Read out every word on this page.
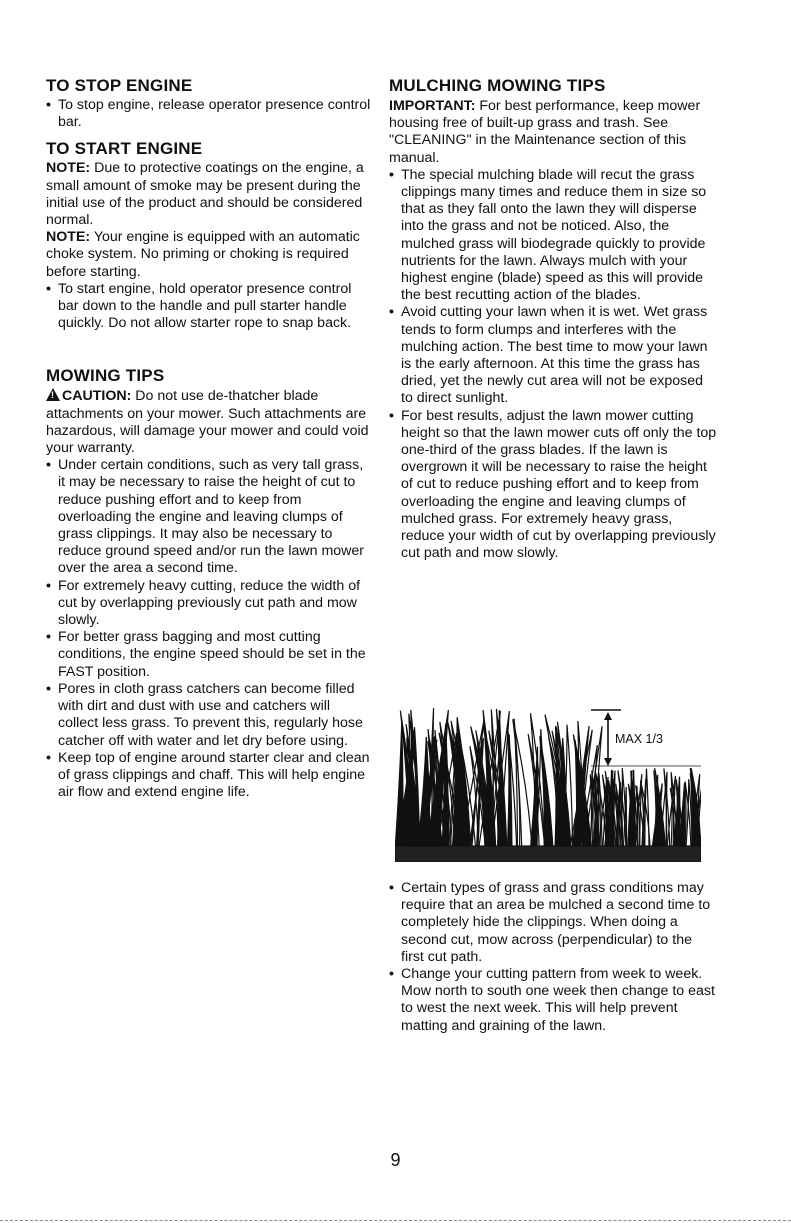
TO STOP ENGINE
• To stop engine, release operator presence control bar.
TO START ENGINE

NOTE: Due to protective coatings on the engine, a small amount of smoke may be present during the initial use of the product and should be considered normal.

NOTE: Your engine is equipped with an automatic choke system. No priming or choking is required before starting.

• To start engine, hold operator presence control bar down to the handle and pull starter handle quickly. Do not allow starter rope to snap back.
MOWING TIPS

!CAUTION: Do not use de-thatcher blade attachments on your mower. Such attachments are hazardous, will damage your mower and could void your warranty.

• Under certain conditions, such as very tall grass, it may be necessary to raise the height of cut to reduce pushing effort and to keep from overloading the engine and leaving clumps of grass clippings. It may also be necessary to reduce ground speed and/or run the lawn mower over the area a second time.
• For extremely heavy cutting, reduce the width of cut by overlapping previously cut path and mow slowly.
• For better grass bagging and most cutting conditions, the engine speed should be set in the FAST position.
• Pores in cloth grass catchers can become filled with dirt and dust with use and catchers will collect less grass. To prevent this, regularly hose catcher off with water and let dry before using.
• Keep top of engine around starter clear and clean of grass clippings and chaff. This will help engine air flow and extend engine life.
MULCHING MOWING TIPS

IMPORTANT: For best performance, keep mower housing free of built-up grass and trash. See "CLEANING" in the Maintenance section of this manual.

• The special mulching blade will recut the grass clippings many times and reduce them in size so that as they fall onto the lawn they will disperse into the grass and not be noticed. Also, the mulched grass will biodegrade quickly to provide nutrients for the lawn. Always mulch with your highest engine (blade) speed as this will provide the best recutting action of the blades.
• Avoid cutting your lawn when it is wet. Wet grass tends to form clumps and interferes with the mulching action. The best time to mow your lawn is the early afternoon. At this time the grass has dried, yet the newly cut area will not be exposed to direct sunlight.
• For best results, adjust the lawn mower cutting height so that the lawn mower cuts off only the top one-third of the grass blades. If the lawn is overgrown it will be necessary to raise the height of cut to reduce pushing effort and to keep from overloading the engine and leaving clumps of mulched grass. For extremely heavy grass, reduce your width of cut by overlapping previously cut path and mow slowly.
MAX 1/3
• Certain types of grass and grass conditions may require that an area be mulched a second time to completely hide the clippings. When doing a second cut, mow across (perpendicular) to the first cut path.
• Change your cutting pattern from week to week. Mow north to south one week then change to east to west the next week. This will help prevent matting and graining of the lawn.
9
